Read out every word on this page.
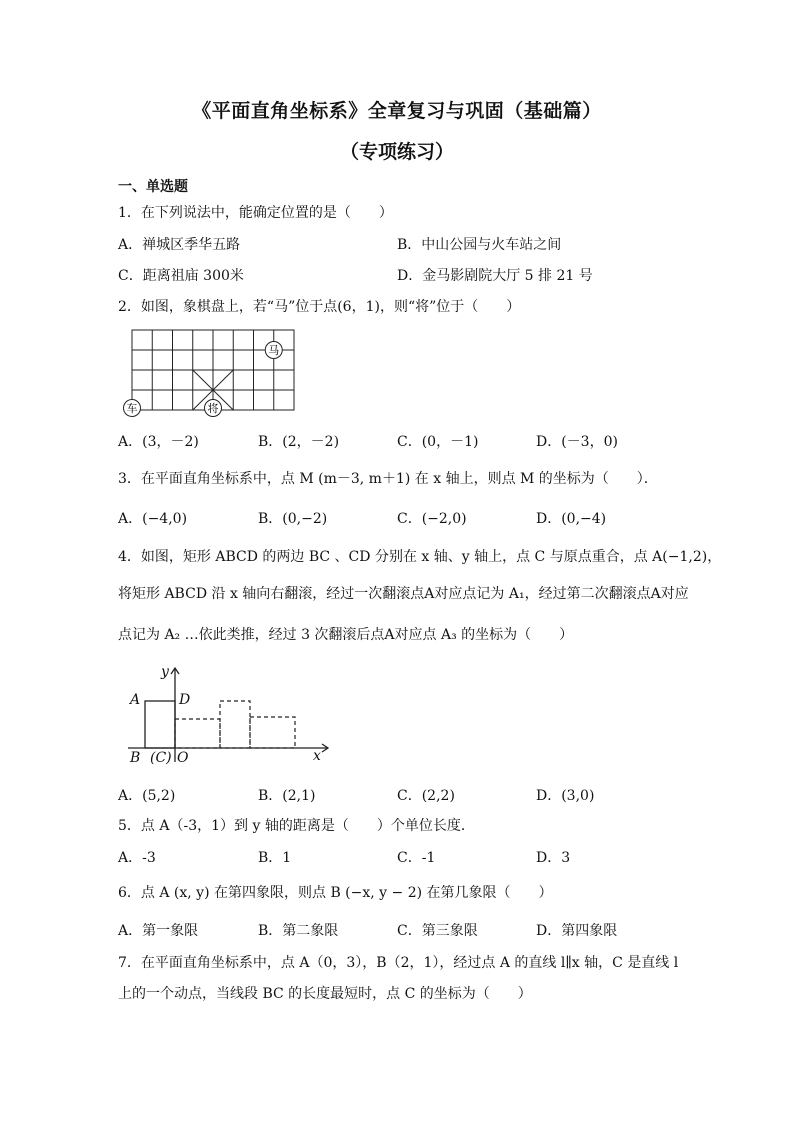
《平面直角坐标系》全章复习与巩固（基础篇）
（专项练习）
一、单选题
1．在下列说法中，能确定位置的是（　　）
A．禅城区季华五路	B．中山公园与火车站之间
C．距离祖庙 300米	D．金马影剧院大厅 5 排 21 号
2．如图，象棋盘上，若“马”位于点(6，1)，则“将”位于（　　）
马
车	将
A．(3，－2)	B．(2，－2)	C．(0，－1)	D．(－3，0)
3．在平面直角坐标系中，点 M (m－3, m＋1) 在 x 轴上，则点 M 的坐标为（　　）．
A．(−4,0)	B．(0,−2)	C．(−2,0)	D．(0,−4)
4．如图，矩形 ABCD 的两边 BC 、CD 分别在 x 轴、y 轴上，点 C 与原点重合，点 A(−1,2)，
将矩形 ABCD 沿 x 轴向右翻滚，经过一次翻滚点A对应点记为 A₁，经过第二次翻滚点A对应
点记为 A₂ …依此类推，经过 3 次翻滚后点A对应点 A₃ 的坐标为（　　）
y
x
A	D
B (C) O
A．(5,2)	B．(2,1)	C．(2,2)	D．(3,0)
5．点 A（-3，1）到 y 轴的距离是（　　）个单位长度．
A．-3	B．1	C．-1	D．3
6．点 A (x, y) 在第四象限，则点 B (−x, y − 2) 在第几象限（　　）
A．第一象限	B．第二象限	C．第三象限	D．第四象限
7．在平面直角坐标系中，点 A（0，3），B（2，1），经过点 A 的直线 l∥x 轴，C 是直线 l
上的一个动点，当线段 BC 的长度最短时，点 C 的坐标为（　　）
